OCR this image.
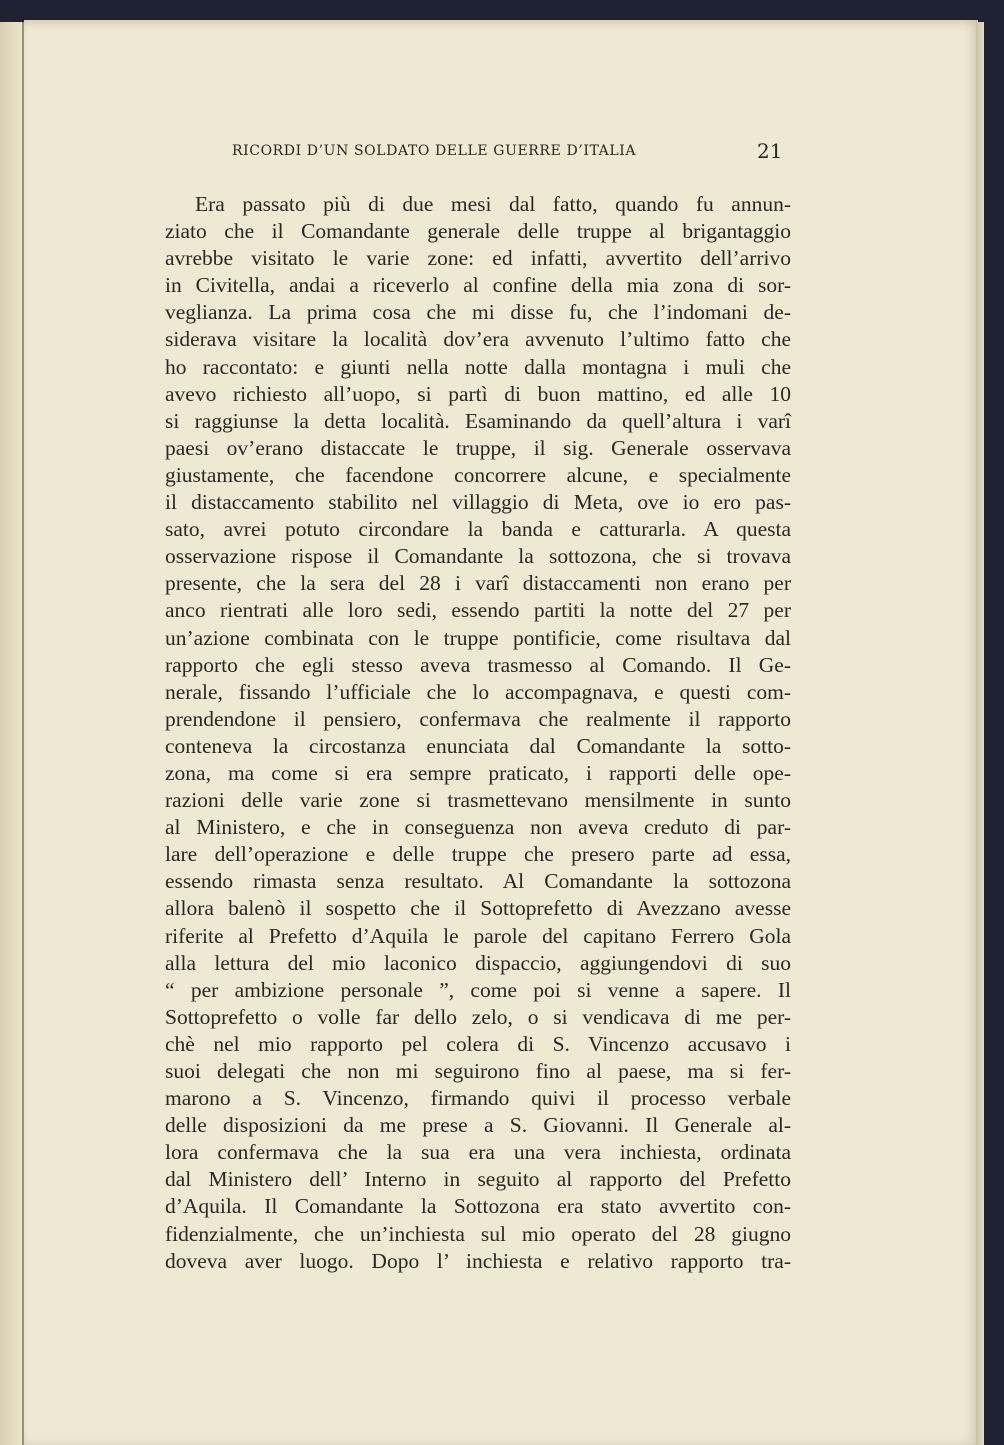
RICORDI D’UN SOLDATO DELLE GUERRE D’ITALIA	21
Era passato più di due mesi dal fatto, quando fu annun-
ziato che il Comandante generale delle truppe al brigantaggio
avrebbe visitato le varie zone: ed infatti, avvertito dell’arrivo
in Civitella, andai a riceverlo al confine della mia zona di sor-
veglianza. La prima cosa che mi disse fu, che l’indomani de-
siderava visitare la località dov’era avvenuto l’ultimo fatto che
ho raccontato: e giunti nella notte dalla montagna i muli che
avevo richiesto all’uopo, si partì di buon mattino, ed alle 10
si raggiunse la detta località. Esaminando da quell’altura i varî
paesi ov’erano distaccate le truppe, il sig. Generale osservava
giustamente, che facendone concorrere alcune, e specialmente
il distaccamento stabilito nel villaggio di Meta, ove io ero pas-
sato, avrei potuto circondare la banda e catturarla. A questa
osservazione rispose il Comandante la sottozona, che si trovava
presente, che la sera del 28 i varî distaccamenti non erano per
anco rientrati alle loro sedi, essendo partiti la notte del 27 per
un’azione combinata con le truppe pontificie, come risultava dal
rapporto che egli stesso aveva trasmesso al Comando. Il Ge-
nerale, fissando l’ufficiale che lo accompagnava, e questi com-
prendendone il pensiero, confermava che realmente il rapporto
conteneva la circostanza enunciata dal Comandante la sotto-
zona, ma come si era sempre praticato, i rapporti delle ope-
razioni delle varie zone si trasmettevano mensilmente in sunto
al Ministero, e che in conseguenza non aveva creduto di par-
lare dell’operazione e delle truppe che presero parte ad essa,
essendo rimasta senza resultato. Al Comandante la sottozona
allora balenò il sospetto che il Sottoprefetto di Avezzano avesse
riferite al Prefetto d’Aquila le parole del capitano Ferrero Gola
alla lettura del mio laconico dispaccio, aggiungendovi di suo
“ per ambizione personale ”, come poi si venne a sapere. Il
Sottoprefetto o volle far dello zelo, o si vendicava di me per-
chè nel mio rapporto pel colera di S. Vincenzo accusavo i
suoi delegati che non mi seguirono fino al paese, ma si fer-
marono a S. Vincenzo, firmando quivi il processo verbale
delle disposizioni da me prese a S. Giovanni. Il Generale al-
lora confermava che la sua era una vera inchiesta, ordinata
dal Ministero dell’ Interno in seguito al rapporto del Prefetto
d’Aquila. Il Comandante la Sottozona era stato avvertito con-
fidenzialmente, che un’inchiesta sul mio operato del 28 giugno
doveva aver luogo. Dopo l’ inchiesta e relativo rapporto tra-
